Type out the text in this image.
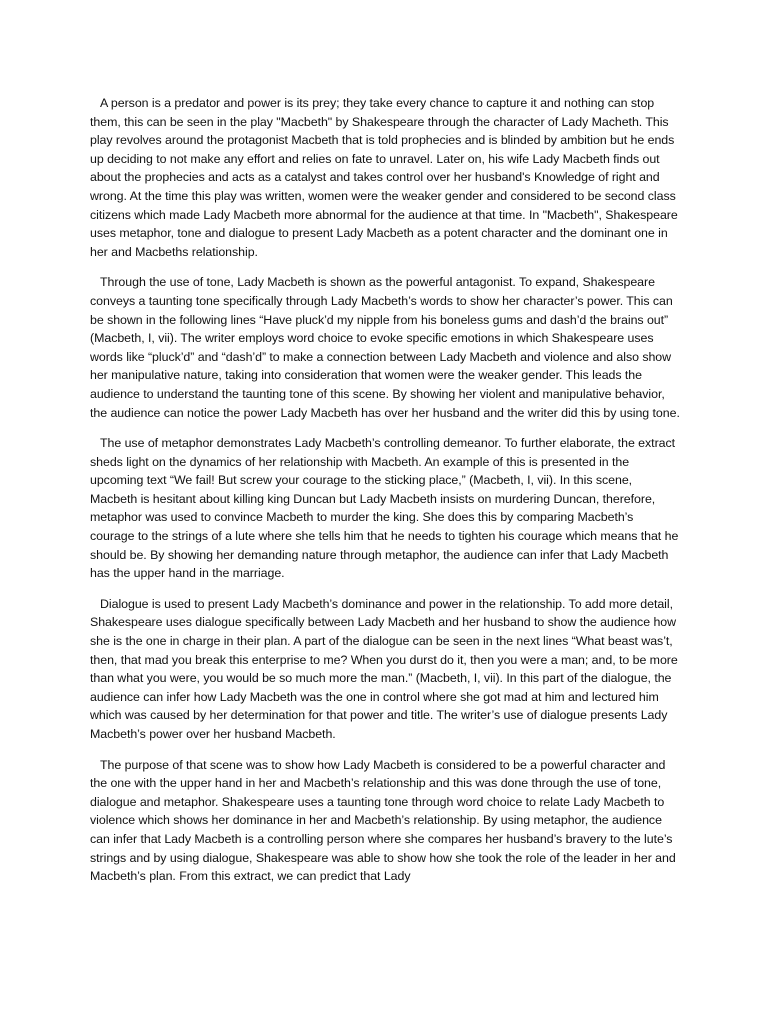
A person is a predator and power is its prey; they take every chance to capture it and nothing can stop them, this can be seen in the play "Macbeth" by Shakespeare through the character of Lady Macheth. This play revolves around the protagonist Macbeth that is told prophecies and is blinded by ambition but he ends up deciding to not make any effort and relies on fate to unravel. Later on, his wife Lady Macbeth finds out about the prophecies and acts as a catalyst and takes control over her husband's Knowledge of right and wrong. At the time this play was written, women were the weaker gender and considered to be second class citizens which made Lady Macbeth more abnormal for the audience at that time. In "Macbeth", Shakespeare uses metaphor, tone and dialogue to present Lady Macbeth as a potent character and the dominant one in her and Macbeths relationship.

Through the use of tone, Lady Macbeth is shown as the powerful antagonist. To expand, Shakespeare conveys a taunting tone specifically through Lady Macbeth’s words to show her character’s power. This can be shown in the following lines “Have pluck’d my nipple from his boneless gums and dash’d the brains out” (Macbeth, I, vii). The writer employs word choice to evoke specific emotions in which Shakespeare uses words like “pluck’d” and “dash’d” to make a connection between Lady Macbeth and violence and also show her manipulative nature, taking into consideration that women were the weaker gender. This leads the audience to understand the taunting tone of this scene. By showing her violent and manipulative behavior, the audience can notice the power Lady Macbeth has over her husband and the writer did this by using tone.

The use of metaphor demonstrates Lady Macbeth’s controlling demeanor. To further elaborate, the extract sheds light on the dynamics of her relationship with Macbeth. An example of this is presented in the upcoming text “We fail! But screw your courage to the sticking place,” (Macbeth, I, vii). In this scene, Macbeth is hesitant about killing king Duncan but Lady Macbeth insists on murdering Duncan, therefore, metaphor was used to convince Macbeth to murder the king. She does this by comparing Macbeth’s courage to the strings of a lute where she tells him that he needs to tighten his courage which means that he should be. By showing her demanding nature through metaphor, the audience can infer that Lady Macbeth has the upper hand in the marriage.

Dialogue is used to present Lady Macbeth’s dominance and power in the relationship. To add more detail, Shakespeare uses dialogue specifically between Lady Macbeth and her husband to show the audience how she is the one in charge in their plan. A part of the dialogue can be seen in the next lines “What beast was’t, then, that mad you break this enterprise to me? When you durst do it, then you were a man; and, to be more than what you were, you would be so much more the man.” (Macbeth, I, vii). In this part of the dialogue, the audience can infer how Lady Macbeth was the one in control where she got mad at him and lectured him which was caused by her determination for that power and title. The writer’s use of dialogue presents Lady Macbeth’s power over her husband Macbeth.

The purpose of that scene was to show how Lady Macbeth is considered to be a powerful character and the one with the upper hand in her and Macbeth’s relationship and this was done through the use of tone, dialogue and metaphor. Shakespeare uses a taunting tone through word choice to relate Lady Macbeth to violence which shows her dominance in her and Macbeth’s relationship. By using metaphor, the audience can infer that Lady Macbeth is a controlling person where she compares her husband’s bravery to the lute’s strings and by using dialogue, Shakespeare was able to show how she took the role of the leader in her and Macbeth’s plan. From this extract, we can predict that Lady
